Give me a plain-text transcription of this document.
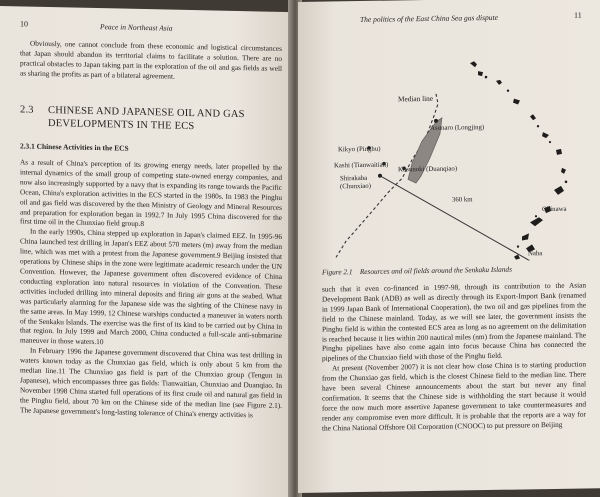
10	Peace in Northeast Asia
Obviously, one cannot conclude from these economic and logistical circumstances that Japan should abandon its territorial claims to facilitate a solution. There are no practical obstacles to Japan taking part in the exploration of the oil and gas fields as well as sharing the profits as part of a bilateral agreement.
2.3	CHINESE AND JAPANESE OIL AND GAS DEVELOPMENTS IN THE ECS
2.3.1 Chinese Activities in the ECS

As a result of China's perception of its growing energy needs, later propelled by the internal dynamics of the small group of competing state-owned energy companies, and now also increasingly supported by a navy that is expanding its range towards the Pacific Ocean, China's exploration activities in the ECS started in the 1980s. In 1983 the Pinghu oil and gas field was discovered by the then Ministry of Geology and Mineral Resources and preparation for exploration began in 1992.7 In July 1995 China discovered for the first time oil in the Chunxiao field group.8

In the early 1990s, China stepped up exploration in Japan's claimed EEZ. In 1995-96 China launched test drilling in Japan's EEZ about 570 meters (m) away from the median line, which was met with a protest from the Japanese government.9 Beijing insisted that operations by Chinese ships in the zone were legitimate academic research under the UN Convention. However, the Japanese government often discovered evidence of China conducting exploration into natural resources in violation of the Convention. These activities included drilling into mineral deposits and firing air guns at the seabed. What was particularly alarming for the Japanese side was the sighting of the Chinese navy in the same areas. In May 1999, 12 Chinese warships conducted a maneuver in waters north of the Senkaku Islands. The exercise was the first of its kind to be carried out by China in that region. In July 1999 and March 2000, China conducted a full-scale anti-submarine maneuver in those waters.10

In February 1996 the Japanese government discovered that China was test drilling in waters known today as the Chunxiao gas field, which is only about 5 km from the median line.11 The Chunxiao gas field is part of the Chunxiao group (Tengun in Japanese), which encompasses three gas fields: Tianwaitian, Chunxiao and Duanqiao. In November 1998 China started full operations of its first crude oil and natural gas field in the Pinghu field, about 70 km on the Chinese side of the median line (see Figure 2.1). The Japanese government's long-lasting tolerance of China's energy activities is

The politics of the East China Sea gas dispute	11
Median line
Asunaro (Longjing)
Kikyo (Pinghu)
Kashi (Tianwaitian) Kusunoki (Duanqiao)
Shirakaba
(Chunxiao)
360 km
Okinawa
Naha
Figure 2.1 Resources and oil fields around the Senkaku Islands

such that it even co-financed in 1997-98, through its contribution to the Asian Development Bank (ADB) as well as directly through its Export-Import Bank (renamed in 1999 Japan Bank of International Cooperation), the two oil and gas pipelines from the field to the Chinese mainland. Today, as we will see later, the government insists the Pinghu field is within the contested ECS area as long as no agreement on the delimitation is reached because it lies within 200 nautical miles (nm) from the Japanese mainland. The Pinghu pipelines have also come again into focus because China has connected the pipelines of the Chunxiao field with those of the Pinghu field.

At present (November 2007) it is not clear how close China is to starting production from the Chunxiao gas field, which is the closest Chinese field to the median line. There have been several Chinese announcements about the start but never any final confirmation. It seems that the Chinese side is withholding the start because it would force the now much more assertive Japanese government to take countermeasures and render any compromise even more difficult. It is probable that the reports are a way for the China National Offshore Oil Corporation (CNOOC) to put pressure on Beijing
